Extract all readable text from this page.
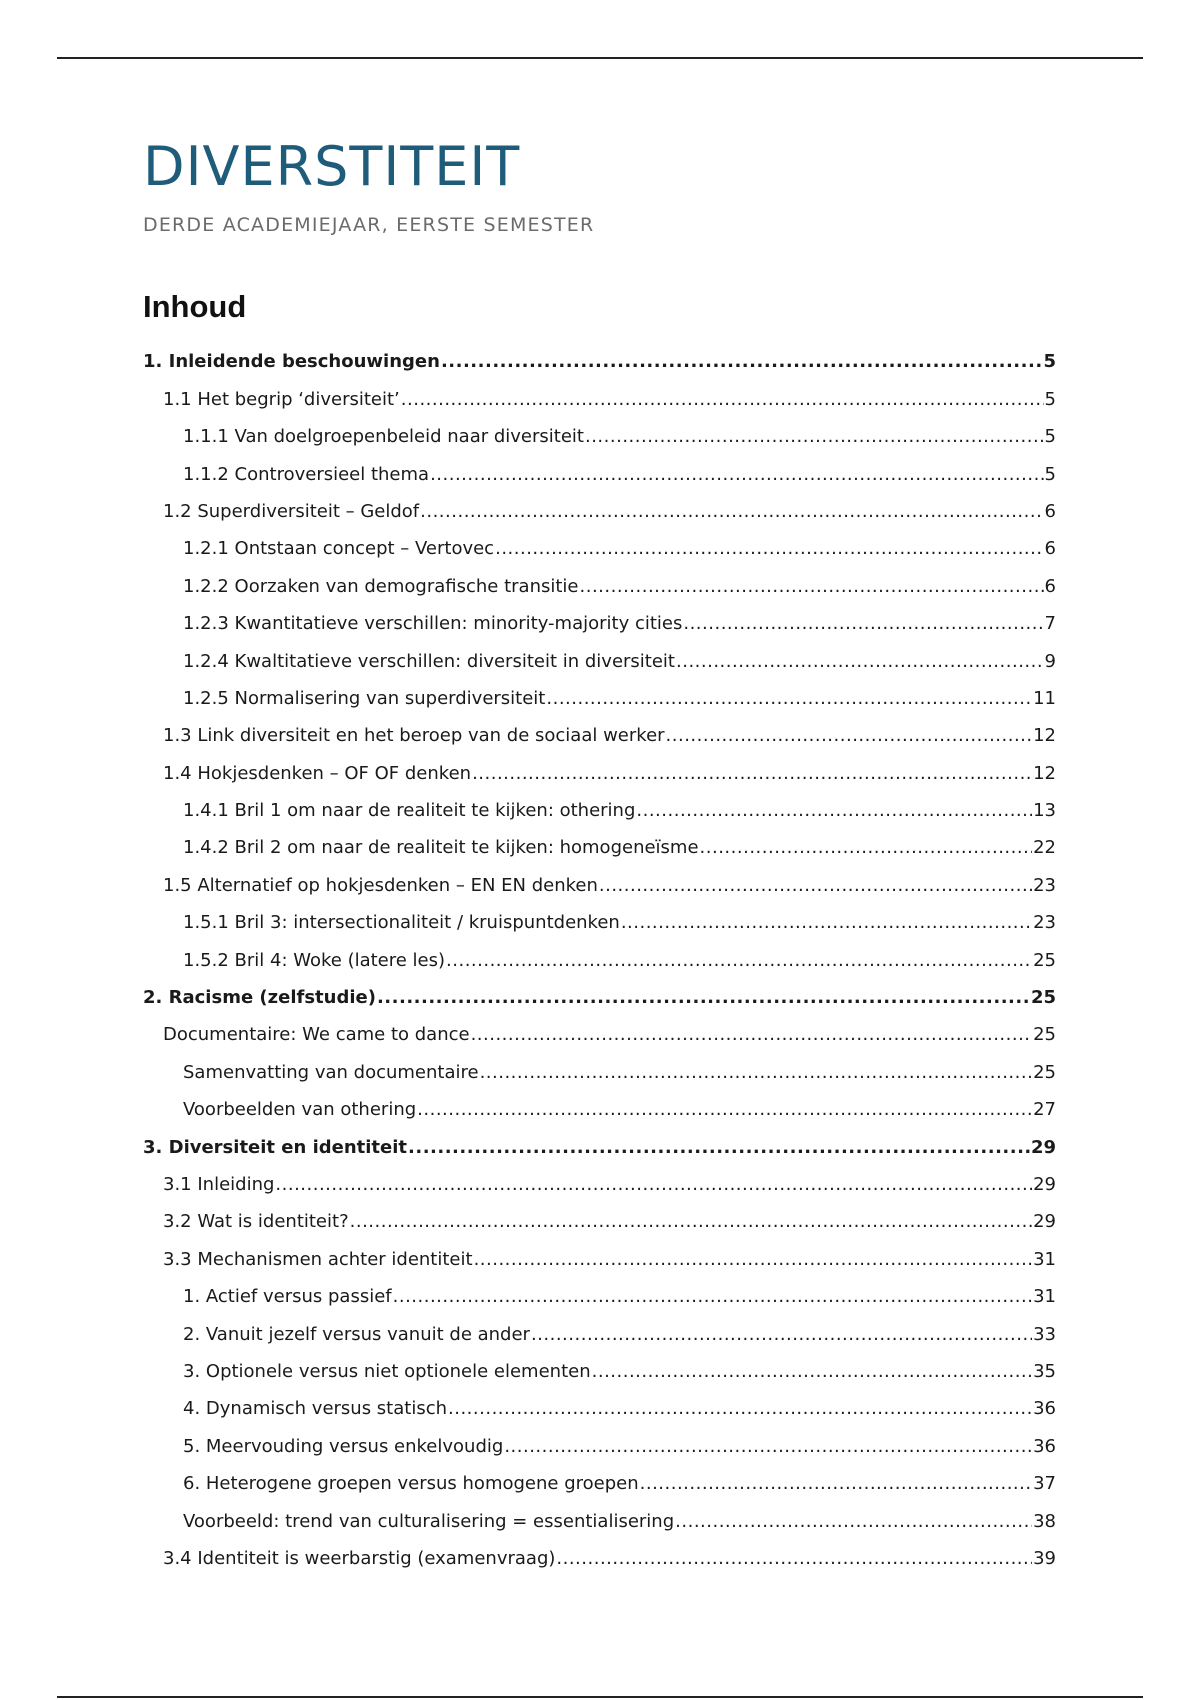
DIVERSTITEIT

DERDE ACADEMIEJAAR, EERSTE SEMESTER

Inhoud
1. Inleidende beschouwingen .....	5
1.1 Het begrip ‘diversiteit’ .....	5
1.1.1 Van doelgroepenbeleid naar diversiteit .....	5
1.1.2 Controversieel thema .....	5
1.2 Superdiversiteit – Geldof .....	6
1.2.1 Ontstaan concept – Vertovec .....	6
1.2.2 Oorzaken van demografische transitie .....	6
1.2.3 Kwantitatieve verschillen: minority-majority cities .....	7
1.2.4 Kwaltitatieve verschillen: diversiteit in diversiteit .....	9
1.2.5 Normalisering van superdiversiteit .....	11
1.3 Link diversiteit en het beroep van de sociaal werker .....	12
1.4 Hokjesdenken – OF OF denken .....	12
1.4.1 Bril 1 om naar de realiteit te kijken: othering .....	13
1.4.2 Bril 2 om naar de realiteit te kijken: homogeneïsme .....	22
1.5 Alternatief op hokjesdenken – EN EN denken .....	23
1.5.1 Bril 3: intersectionaliteit / kruispuntdenken .....	23
1.5.2 Bril 4: Woke (latere les) .....	25
2. Racisme (zelfstudie) .....	25
Documentaire: We came to dance .....	25
Samenvatting van documentaire .....	25
Voorbeelden van othering .....	27
3. Diversiteit en identiteit .....	29
3.1 Inleiding .....	29
3.2 Wat is identiteit? .....	29
3.3 Mechanismen achter identiteit .....	31
1. Actief versus passief .....	31
2. Vanuit jezelf versus vanuit de ander .....	33
3. Optionele versus niet optionele elementen .....	35
4. Dynamisch versus statisch .....	36
5. Meervouding versus enkelvoudig .....	36
6. Heterogene groepen versus homogene groepen .....	37
Voorbeeld: trend van culturalisering = essentialisering .....	38
3.4 Identiteit is weerbarstig (examenvraag) .....	39
